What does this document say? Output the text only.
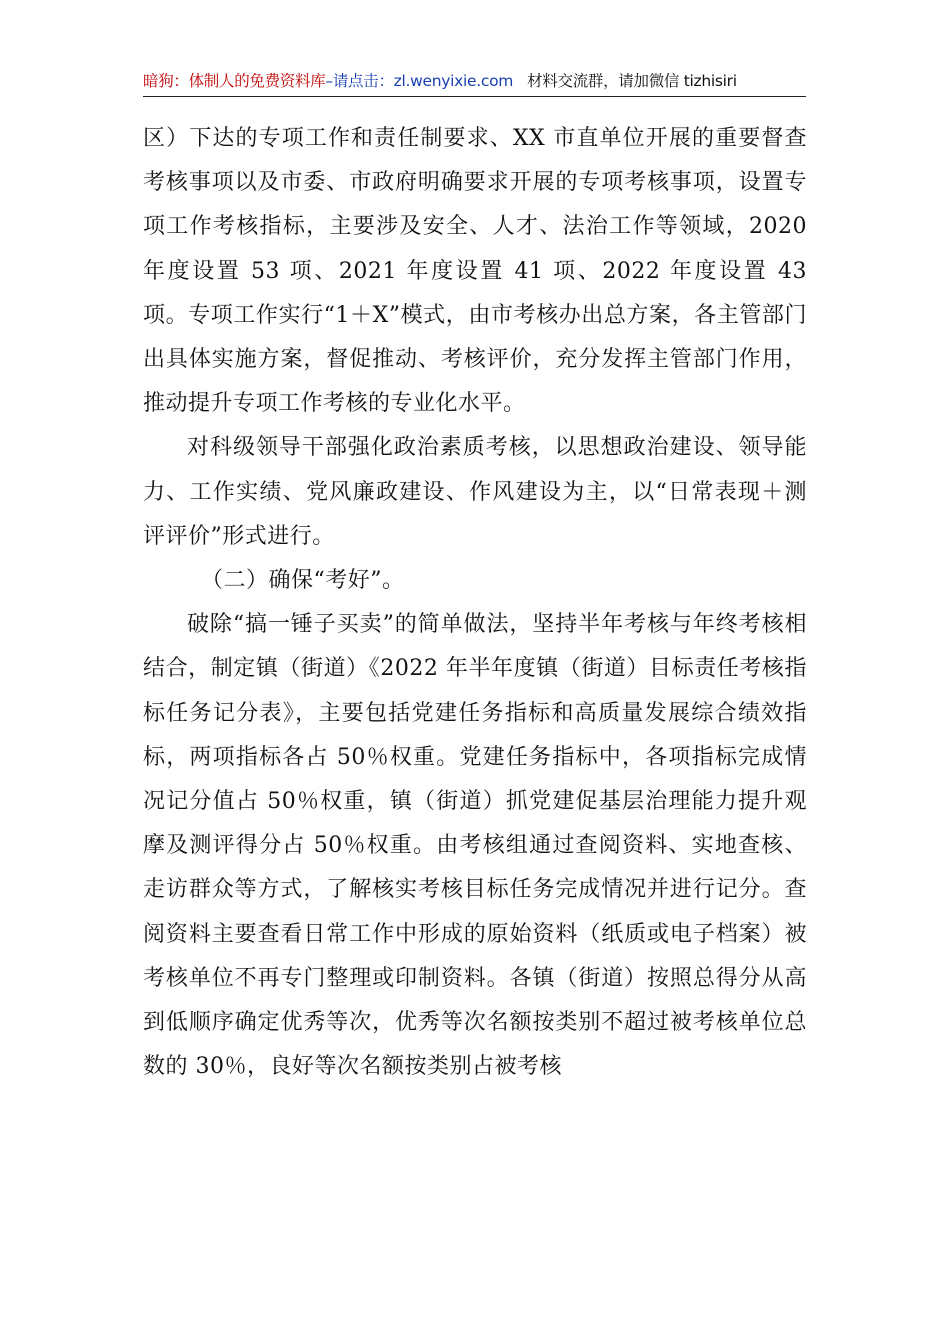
暗狗：体制人的免费资料库–请点击：zl.wenyixie.com 材料交流群，请加微信 tizhisiri

区）下达的专项工作和责任制要求、XX 市直单位开展的重要督查考核事项以及市委、市政府明确要求开展的专项考核事项，设置专项工作考核指标，主要涉及安全、人才、法治工作等领域，2020 年度设置 53 项、2021 年度设置 41 项、2022 年度设置 43 项。专项工作实行“1＋X”模式，由市考核办出总方案，各主管部门出具体实施方案，督促推动、考核评价，充分发挥主管部门作用，推动提升专项工作考核的专业化水平。

对科级领导干部强化政治素质考核，以思想政治建设、领导能力、工作实绩、党风廉政建设、作风建设为主，以“日常表现＋测评评价”形式进行。

（二）确保“考好”。

破除“搞一锤子买卖”的简单做法，坚持半年考核与年终考核相结合，制定镇（街道）《2022 年半年度镇（街道）目标责任考核指标任务记分表》，主要包括党建任务指标和高质量发展综合绩效指标，两项指标各占 50％权重。党建任务指标中，各项指标完成情况记分值占 50％权重，镇（街道）抓党建促基层治理能力提升观摩及测评得分占 50％权重。由考核组通过查阅资料、实地查核、走访群众等方式，了解核实考核目标任务完成情况并进行记分。查阅资料主要查看日常工作中形成的原始资料（纸质或电子档案）被考核单位不再专门整理或印制资料。各镇（街道）按照总得分从高到低顺序确定优秀等次，优秀等次名额按类别不超过被考核单位总数的 30％，良好等次名额按类别占被考核
